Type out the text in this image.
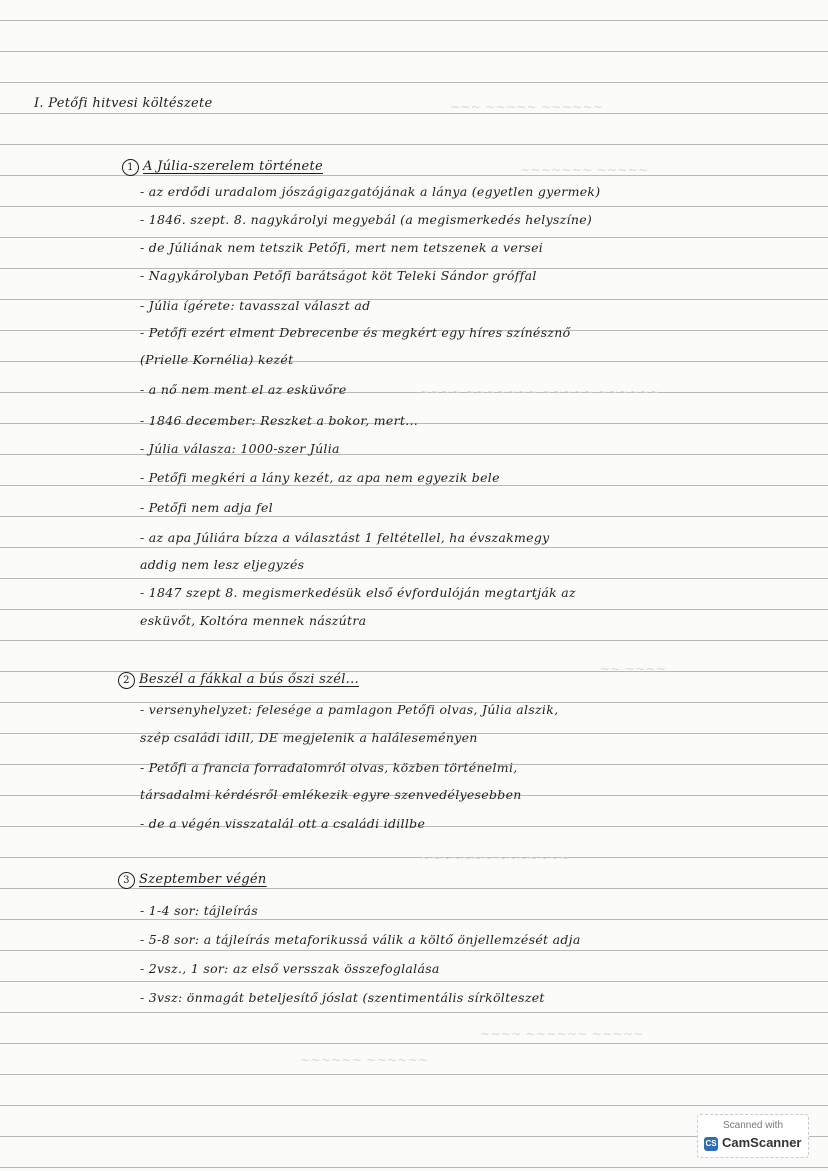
~~~ ~~~~~ ~~~~~~
~~~~~~~ ~~~~~
~~~~ ~~~~~~~ ~~~~~ ~~~~~~
~~ ~~~~
~~~~~~~ ~~~~~~~
~~~~ ~~~~~~ ~~~~~
~~~~~~ ~~~~~~
I. Petőfi hitvesi költészete
1 A Júlia-szerelem története
- az erdődi uradalom jószágigazgatójának a lánya (egyetlen gyermek)
- 1846. szept. 8. nagykárolyi megyebál (a megismerkedés helyszíne)
- de Júliának nem tetszik Petőfi, mert nem tetszenek a versei
- Nagykárolyban Petőfi barátságot köt Teleki Sándor gróffal
- Júlia ígérete: tavasszal választ ad
- Petőfi ezért elment Debrecenbe és megkért egy híres színésznő
(Prielle Kornélia) kezét
- a nő nem ment el az esküvőre
- 1846 december: Reszket a bokor, mert...
- Júlia válasza: 1000-szer Júlia
- Petőfi megkéri a lány kezét, az apa nem egyezik bele
- Petőfi nem adja fel
- az apa Júliára bízza a választást 1 feltétellel, ha évszakmegy
addig nem lesz eljegyzés
- 1847 szept 8. megismerkedésük első évfordulóján megtartják az
esküvőt, Koltóra mennek nászútra
2 Beszél a fákkal a bús őszi szél...
- versenyhelyzet: felesége a pamlagon Petőfi olvas, Júlia alszik,
szép családi idill, DE megjelenik a haláleseményen
- Petőfi a francia forradalomról olvas, közben történelmi,
társadalmi kérdésről emlékezik egyre szenvedélyesebben
- de a végén visszatalál ott a családi idillbe
3 Szeptember végén
- 1-4 sor: tájleírás
- 5-8 sor: a tájleírás metaforikussá válik a költő önjellemzését adja
- 2vsz., 1 sor: az első versszak összefoglalása
- 3vsz: önmagát beteljesítő jóslat (szentimentális sírkölteszet
Scanned with
CS CamScanner
